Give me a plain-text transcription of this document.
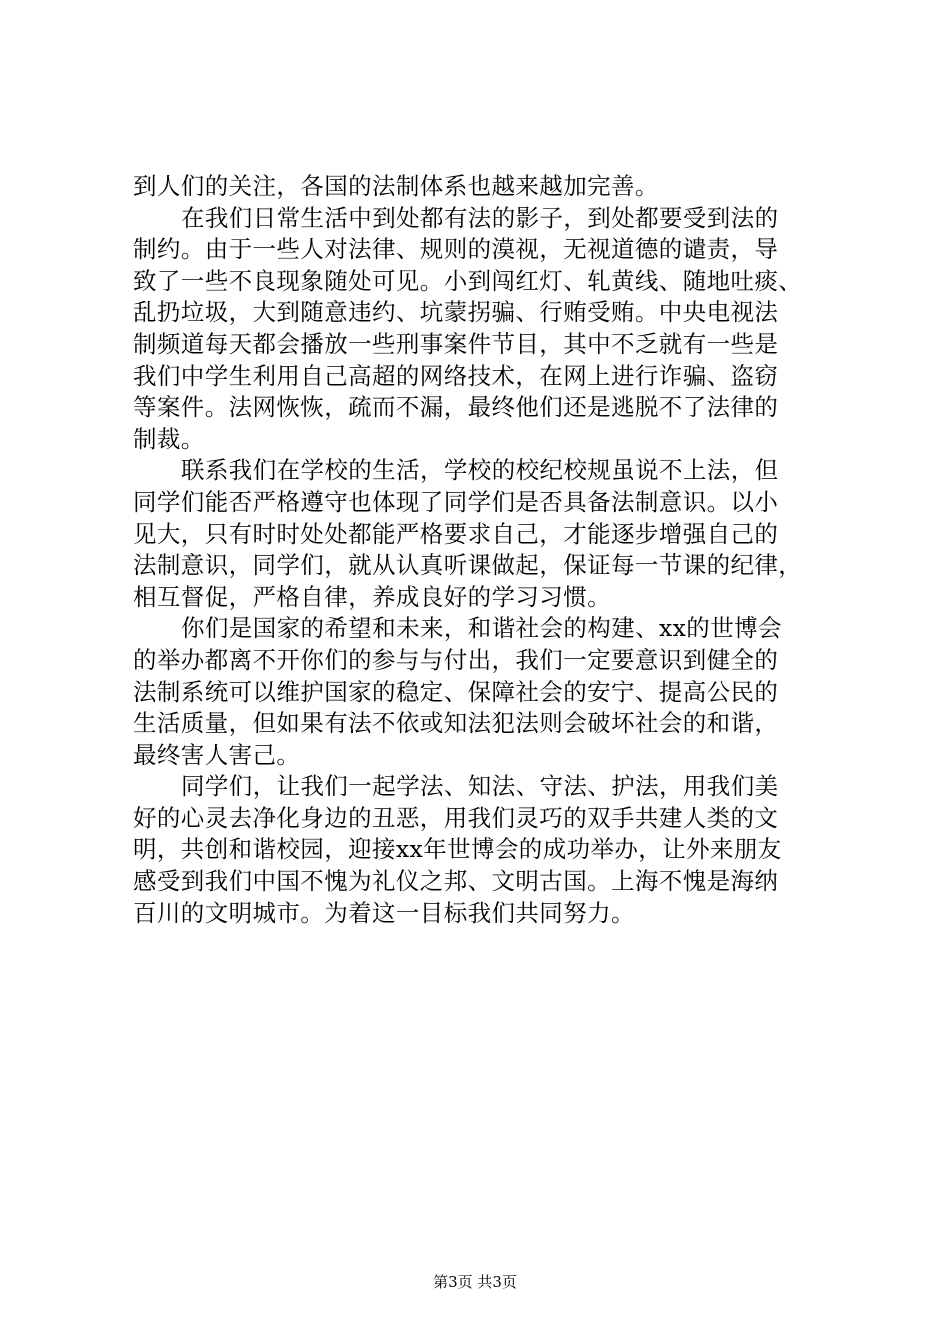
到人们的关注，各国的法制体系也越来越加完善。
在我们日常生活中到处都有法的影子，到处都要受到法的
制约。由于一些人对法律、规则的漠视，无视道德的谴责，导
致了一些不良现象随处可见。小到闯红灯、轧黄线、随地吐痰、
乱扔垃圾，大到随意违约、坑蒙拐骗、行贿受贿。中央电视法
制频道每天都会播放一些刑事案件节目，其中不乏就有一些是
我们中学生利用自己高超的网络技术，在网上进行诈骗、盗窃
等案件。法网恢恢，疏而不漏，最终他们还是逃脱不了法律的
制裁。
联系我们在学校的生活，学校的校纪校规虽说不上法，但
同学们能否严格遵守也体现了同学们是否具备法制意识。以小
见大，只有时时处处都能严格要求自己，才能逐步增强自己的
法制意识，同学们，就从认真听课做起，保证每一节课的纪律，
相互督促，严格自律，养成良好的学习习惯。
你们是国家的希望和未来，和谐社会的构建、xx的世博会
的举办都离不开你们的参与与付出，我们一定要意识到健全的
法制系统可以维护国家的稳定、保障社会的安宁、提高公民的
生活质量，但如果有法不依或知法犯法则会破坏社会的和谐，
最终害人害己。
同学们，让我们一起学法、知法、守法、护法，用我们美
好的心灵去净化身边的丑恶，用我们灵巧的双手共建人类的文
明，共创和谐校园，迎接xx年世博会的成功举办，让外来朋友
感受到我们中国不愧为礼仪之邦、文明古国。上海不愧是海纳
百川的文明城市。为着这一目标我们共同努力。
第3页 共3页
